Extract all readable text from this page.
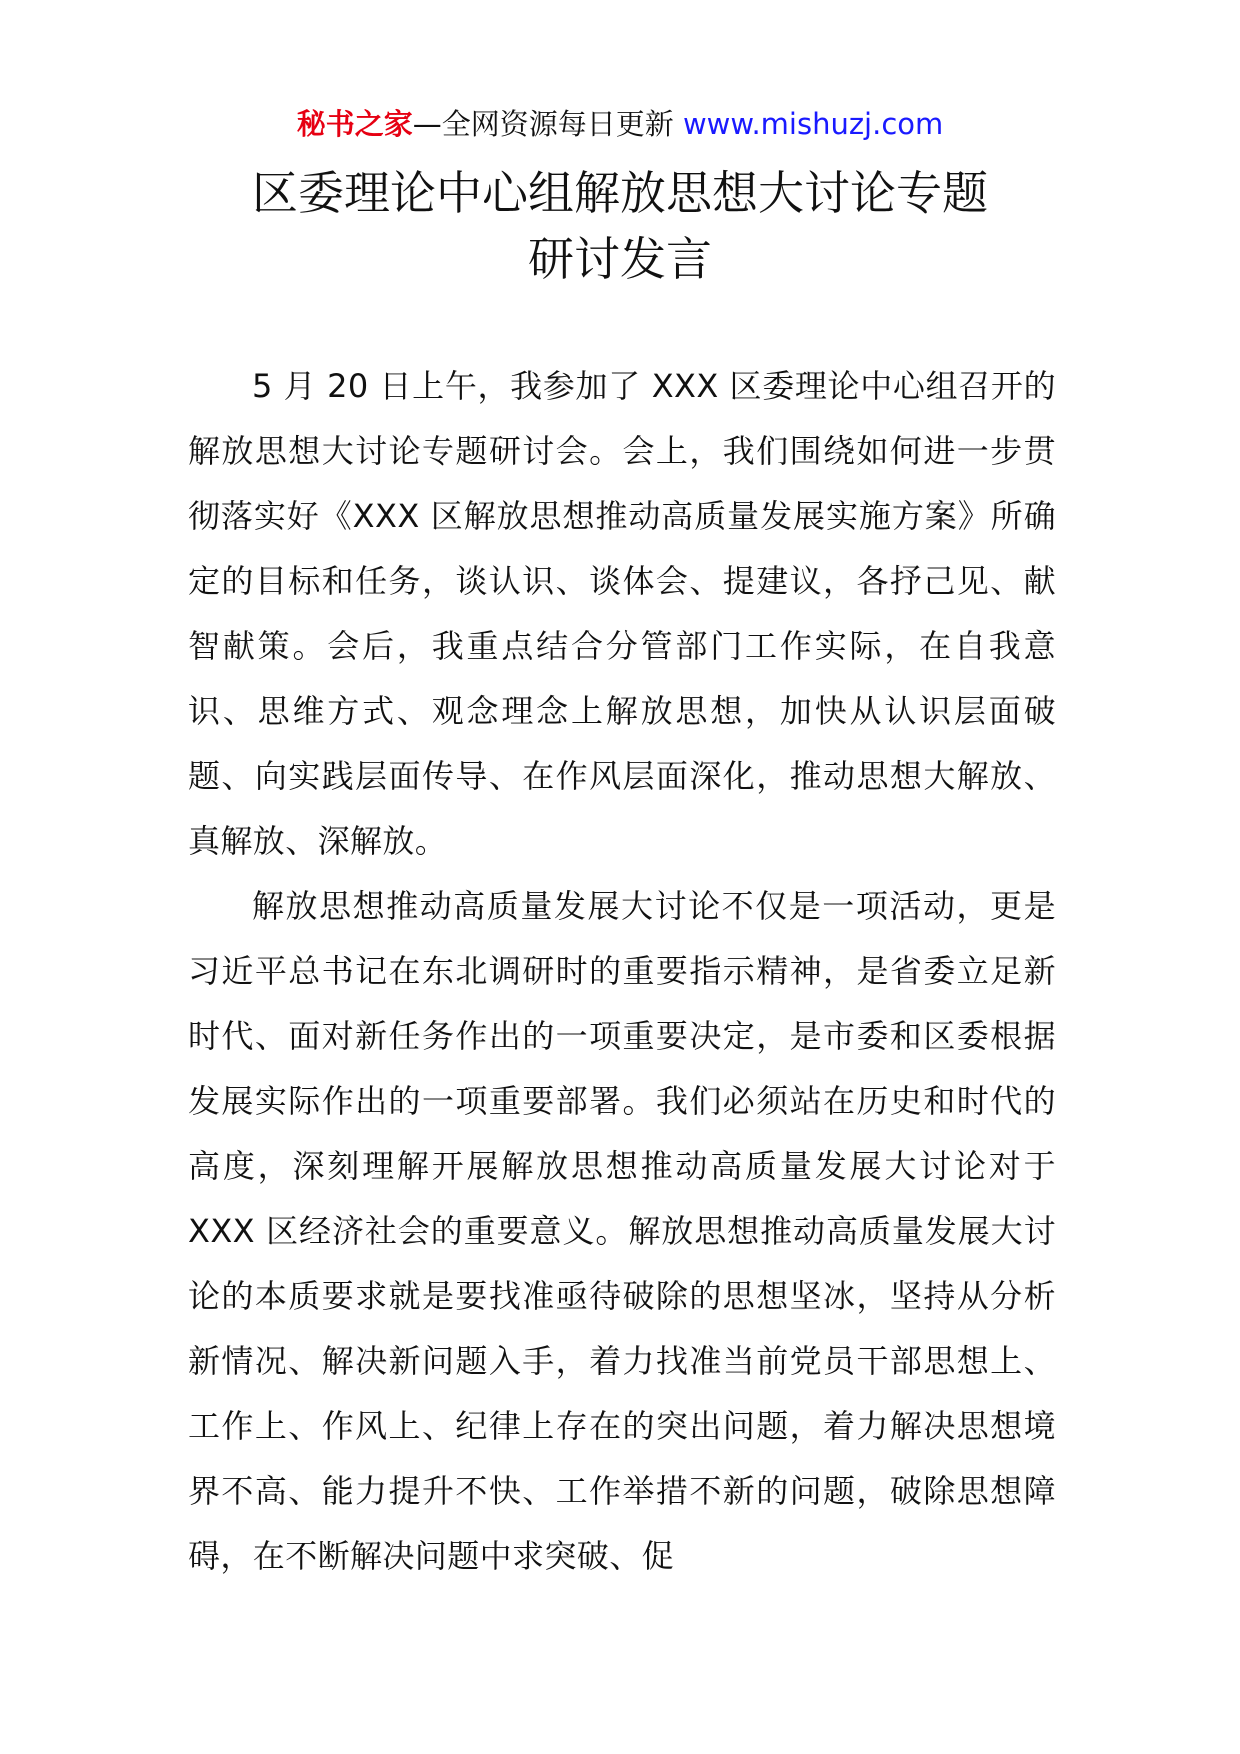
秘书之家—全网资源每日更新 www.mishuzj.com
区委理论中心组解放思想大讨论专题
研讨发言

5 月 20 日上午，我参加了 XXX 区委理论中心组召开的解放思想大讨论专题研讨会。会上，我们围绕如何进一步贯彻落实好《XXX 区解放思想推动高质量发展实施方案》所确定的目标和任务，谈认识、谈体会、提建议，各抒己见、献智献策。会后，我重点结合分管部门工作实际，在自我意识、思维方式、观念理念上解放思想，加快从认识层面破题、向实践层面传导、在作风层面深化，推动思想大解放、真解放、深解放。

解放思想推动高质量发展大讨论不仅是一项活动，更是习近平总书记在东北调研时的重要指示精神，是省委立足新时代、面对新任务作出的一项重要决定，是市委和区委根据发展实际作出的一项重要部署。我们必须站在历史和时代的高度，深刻理解开展解放思想推动高质量发展大讨论对于 XXX 区经济社会的重要意义。解放思想推动高质量发展大讨论的本质要求就是要找准亟待破除的思想坚冰，坚持从分析新情况、解决新问题入手，着力找准当前党员干部思想上、工作上、作风上、纪律上存在的突出问题，着力解决思想境界不高、能力提升不快、工作举措不新的问题，破除思想障碍，在不断解决问题中求突破、促
